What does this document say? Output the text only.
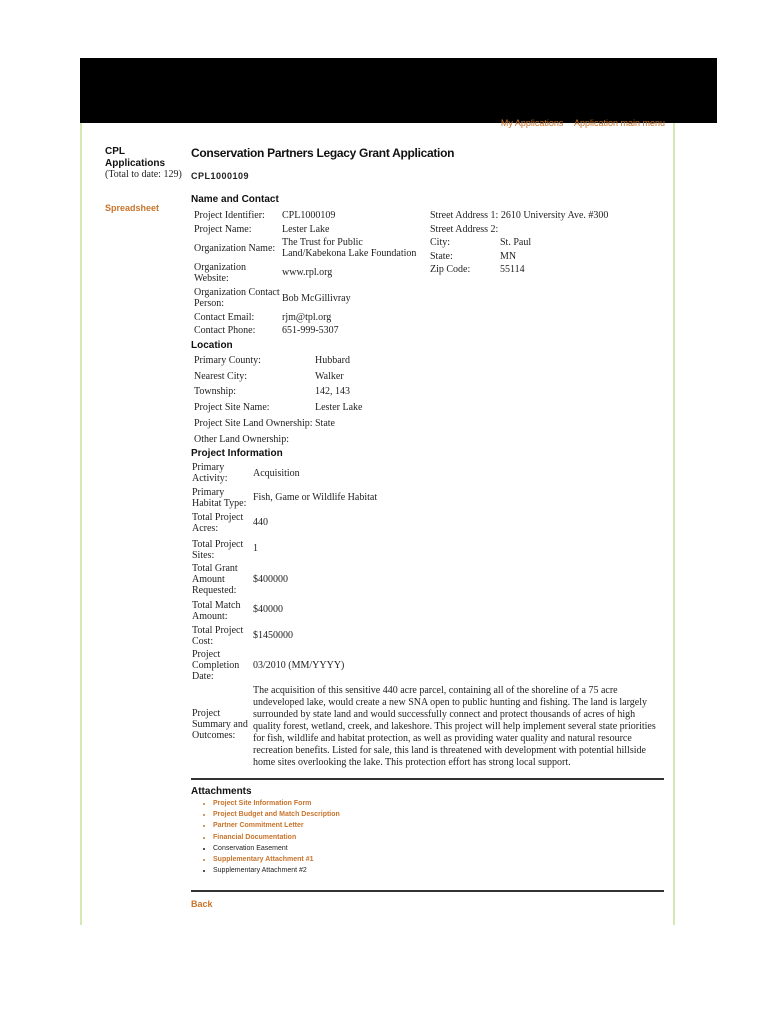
My Applications Application main menu
CPL
Applications
(Total to date: 129)
Spreadsheet
Conservation Partners Legacy Grant Application
CPL1000109
Name and Contact
Project Identifier: CPL1000109
Project Name:	Lester Lake
Organization Name:
The Trust for Public
Land/Kabekona Lake Foundation
Organization
Website:
www.rpl.org
Organization Contact
Person:	Bob McGillivray
Contact Email:	rjm@tpl.org
Contact Phone:	651-999-5307
Street Address 1: 2610 University Ave. #300
Street Address 2:
City:	St. Paul
State:	MN
Zip Code:	55114
Location
Primary County:	Hubbard
Nearest City:	Walker
Township:	142, 143
Project Site Name:	Lester Lake
Project Site Land Ownership: State
Other Land Ownership:
Project Information
Primary
Activity:	Acquisition
Primary
Habitat Type:
Fish, Game or Wildlife Habitat
Total Project
Acres:
440
Total Project
Sites:
1
Total Grant
Amount
Requested:
$400000
Total Match
Amount:
$40000
Total Project
Cost:
$1450000
Project
Completion
Date:
03/2010 (MM/YYYY)
Project
Summary and
Outcomes:
The acquisition of this sensitive 440 acre parcel, containing all of the shoreline of a 75 acre undeveloped lake, would create a new SNA open to public hunting and fishing. The land is largely surrounded by state land and would successfully connect and protect thousands of acres of high quality forest, wetland, creek, and lakeshore. This project will help implement several state priorities for fish, wildlife and habitat protection, as well as providing water quality and natural resource recreation benefits. Listed for sale, this land is threatened with development with potential hillside home sites overlooking the lake. This protection effort has strong local support.
Attachments
• Project Site Information Form
• Project Budget and Match Description
• Partner Commitment Letter
• Financial Documentation
• Conservation Easement
• Supplementary Attachment #1
• Supplementary Attachment #2
Back
